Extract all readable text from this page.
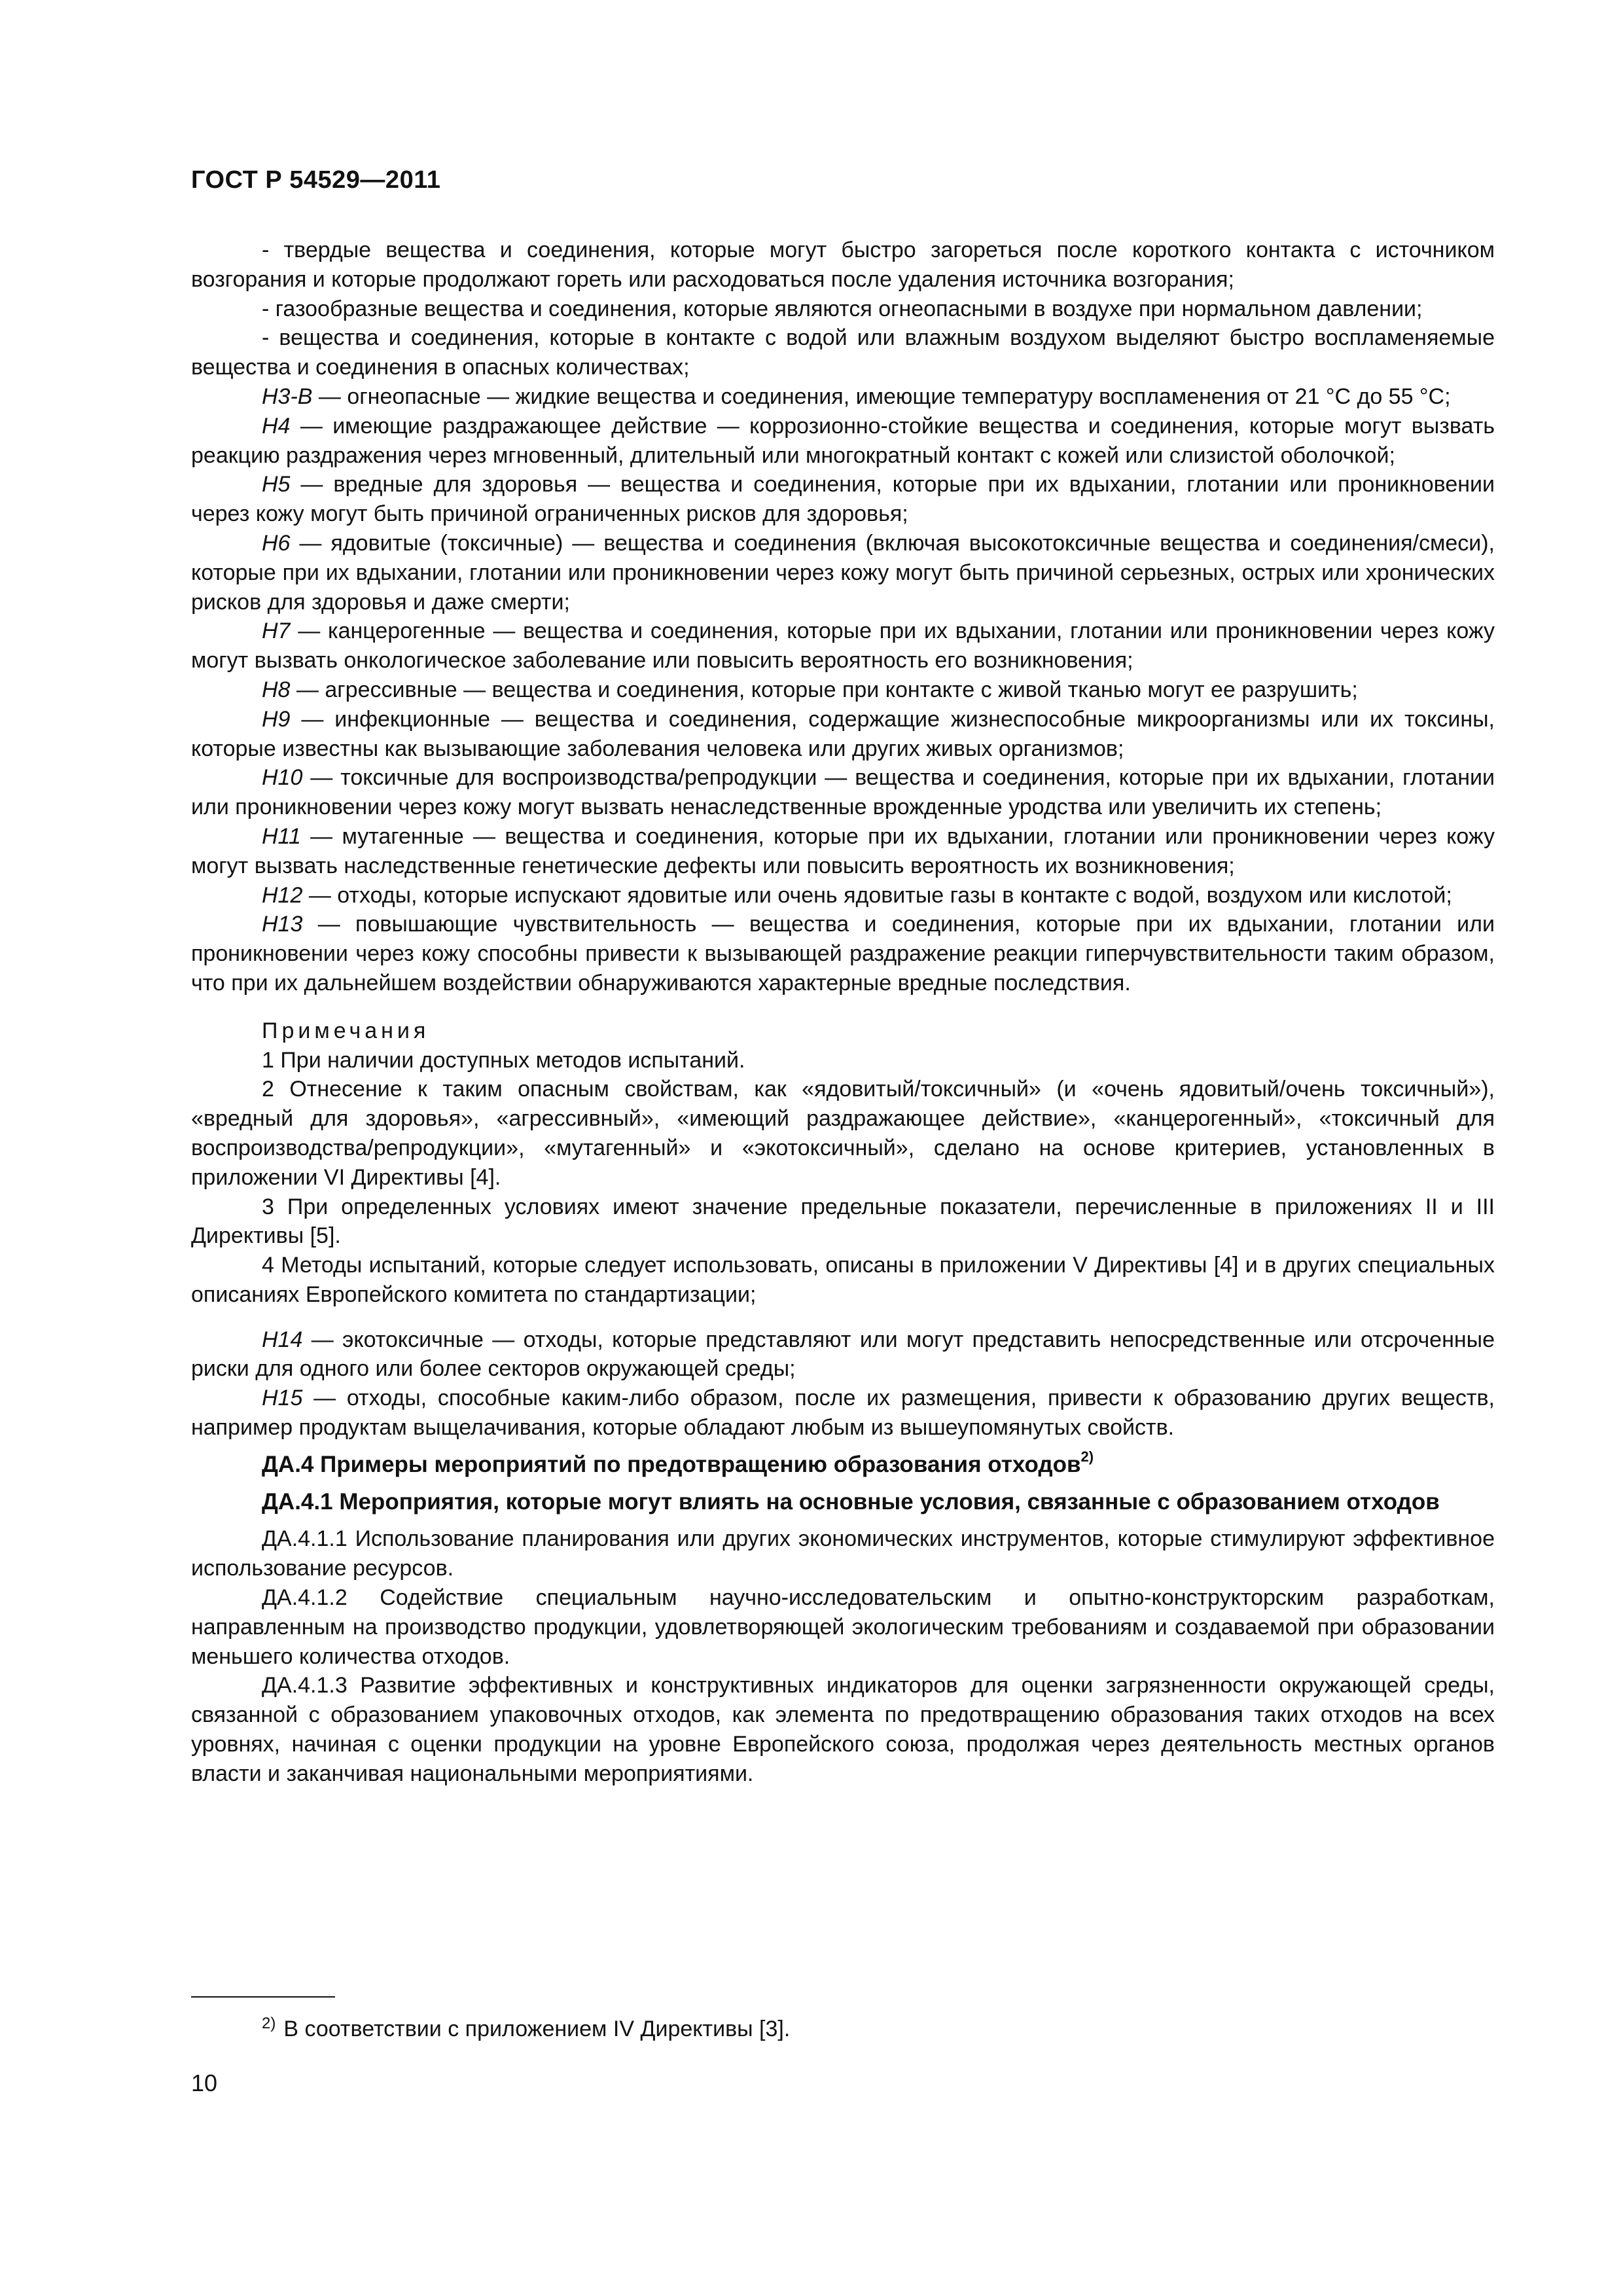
ГОСТ Р 54529—2011

- твердые вещества и соединения, которые могут быстро загореться после короткого контакта с источником возгорания и которые продолжают гореть или расходоваться после удаления источника возгорания;

- газообразные вещества и соединения, которые являются огнеопасными в воздухе при нормальном давлении;

- вещества и соединения, которые в контакте с водой или влажным воздухом выделяют быстро воспламеняемые вещества и соединения в опасных количествах;

Н3-В — огнеопасные — жидкие вещества и соединения, имеющие температуру воспламенения от 21 °С до 55 °С;

Н4 — имеющие раздражающее действие — коррозионно-стойкие вещества и соединения, которые могут вызвать реакцию раздражения через мгновенный, длительный или многократный контакт с кожей или слизистой оболочкой;

Н5 — вредные для здоровья — вещества и соединения, которые при их вдыхании, глотании или проникновении через кожу могут быть причиной ограниченных рисков для здоровья;

Н6 — ядовитые (токсичные) — вещества и соединения (включая высокотоксичные вещества и соединения/смеси), которые при их вдыхании, глотании или проникновении через кожу могут быть причиной серьезных, острых или хронических рисков для здоровья и даже смерти;

Н7 — канцерогенные — вещества и соединения, которые при их вдыхании, глотании или проникновении через кожу могут вызвать онкологическое заболевание или повысить вероятность его возникновения;

Н8 — агрессивные — вещества и соединения, которые при контакте с живой тканью могут ее разрушить;

Н9 — инфекционные — вещества и соединения, содержащие жизнеспособные микроорганизмы или их токсины, которые известны как вызывающие заболевания человека или других живых организмов;

Н10 — токсичные для воспроизводства/репродукции — вещества и соединения, которые при их вдыхании, глотании или проникновении через кожу могут вызвать ненаследственные врожденные уродства или увеличить их степень;

Н11 — мутагенные — вещества и соединения, которые при их вдыхании, глотании или проникновении через кожу могут вызвать наследственные генетические дефекты или повысить вероятность их возникновения;

Н12 — отходы, которые испускают ядовитые или очень ядовитые газы в контакте с водой, воздухом или кислотой;

Н13 — повышающие чувствительность — вещества и соединения, которые при их вдыхании, глотании или проникновении через кожу способны привести к вызывающей раздражение реакции гиперчувствительности таким образом, что при их дальнейшем воздействии обнаруживаются характерные вредные последствия.

Примечания

1 При наличии доступных методов испытаний.

2 Отнесение к таким опасным свойствам, как «ядовитый/токсичный» (и «очень ядовитый/очень токсичный»), «вредный для здоровья», «агрессивный», «имеющий раздражающее действие», «канцерогенный», «токсичный для воспроизводства/репродукции», «мутагенный» и «экотоксичный», сделано на основе критериев, установленных в приложении VI Директивы [4].

3 При определенных условиях имеют значение предельные показатели, перечисленные в приложениях II и III Директивы [5].

4 Методы испытаний, которые следует использовать, описаны в приложении V Директивы [4] и в других специальных описаниях Европейского комитета по стандартизации;

Н14 — экотоксичные — отходы, которые представляют или могут представить непосредственные или отсроченные риски для одного или более секторов окружающей среды;

Н15 — отходы, способные каким-либо образом, после их размещения, привести к образованию других веществ, например продуктам выщелачивания, которые обладают любым из вышеупомянутых свойств.

ДА.4 Примеры мероприятий по предотвращению образования отходов$^{2)}$

ДА.4.1 Мероприятия, которые могут влиять на основные условия, связанные с образованием отходов

ДА.4.1.1 Использование планирования или других экономических инструментов, которые стимулируют эффективное использование ресурсов.

ДА.4.1.2 Содействие специальным научно-исследовательским и опытно-конструкторским разработкам, направленным на производство продукции, удовлетворяющей экологическим требованиям и создаваемой при образовании меньшего количества отходов.

ДА.4.1.3 Развитие эффективных и конструктивных индикаторов для оценки загрязненности окружающей среды, связанной с образованием упаковочных отходов, как элемента по предотвращению образования таких отходов на всех уровнях, начиная с оценки продукции на уровне Европейского союза, продолжая через деятельность местных органов власти и заканчивая национальными мероприятиями.

$^{2)}$ В соответствии с приложением IV Директивы [3].
10
